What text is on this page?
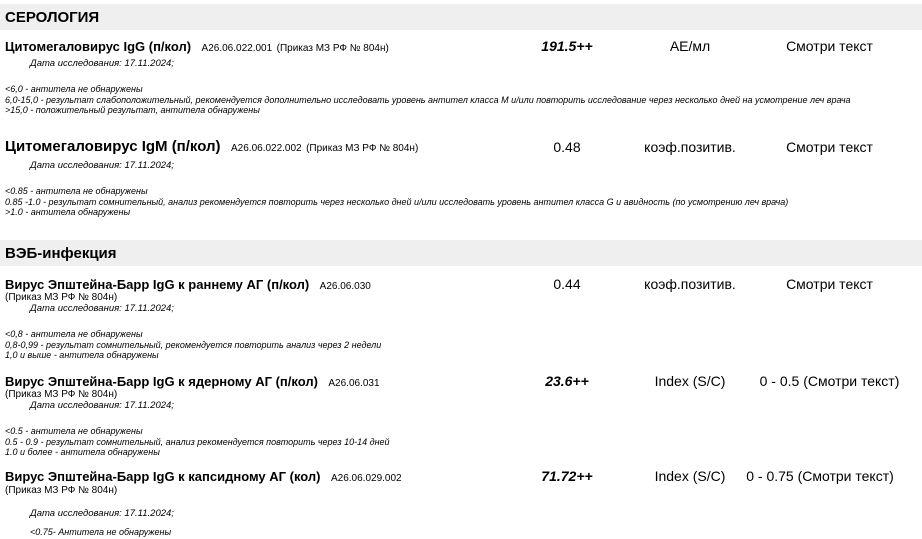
СЕРОЛОГИЯ
Цитомегаловирус IgG (п/кол) A26.06.022.001 (Приказ МЗ РФ № 804н)	191.5++	АЕ/мл	Смотри текст
Дата исследования: 17.11.2024;
<6,0 - антитела не обнаружены
6,0-15,0 - результат слабоположительный, рекомендуется дополнительно исследовать уровень антител класса М и/или повторить исследование через несколько дней на усмотрение леч врача
>15,0 - положительный результат, антитела обнаружены
Цитомегаловирус IgM (п/кол) A26.06.022.002 (Приказ МЗ РФ № 804н)	0.48	коэф.позитив.	Смотри текст
Дата исследования: 17.11.2024;
<0.85 - антитела не обнаружены
0.85 -1.0 - результат сомнительный, анализ рекомендуется повторить через несколько дней и/или исследовать уровень антител класса G и авидность (по усмотрению леч врача)
>1.0 - антитела обнаружены
ВЭБ-инфекция
Вирус Эпштейна-Барр IgG к раннему АГ (п/кол) A26.06.030
(Приказ МЗ РФ № 804н)
0.44	коэф.позитив.	Смотри текст
Дата исследования: 17.11.2024;
<0,8 - антитела не обнаружены
0,8-0,99 - результат сомнительный, рекомендуется повторить анализ через 2 недели
1,0 и выше - антитела обнаружены
Вирус Эпштейна-Барр IgG к ядерному АГ (п/кол) A26.06.031
(Приказ МЗ РФ № 804н)
23.6++	Index (S/C)	0 - 0.5 (Смотри текст)
Дата исследования: 17.11.2024;
<0.5 - антитела не обнаружены
0.5 - 0.9 - результат сомнительный, анализ рекомендуется повторить через 10-14 дней
1.0 и более - антитела обнаружены
Вирус Эпштейна-Барр IgG к капсидному АГ (кол) A26.06.029.002
(Приказ МЗ РФ № 804н)
71.72++	Index (S/C)	0 - 0.75 (Смотри текст)
Дата исследования: 17.11.2024;
<0.75- Антитела не обнаружены
